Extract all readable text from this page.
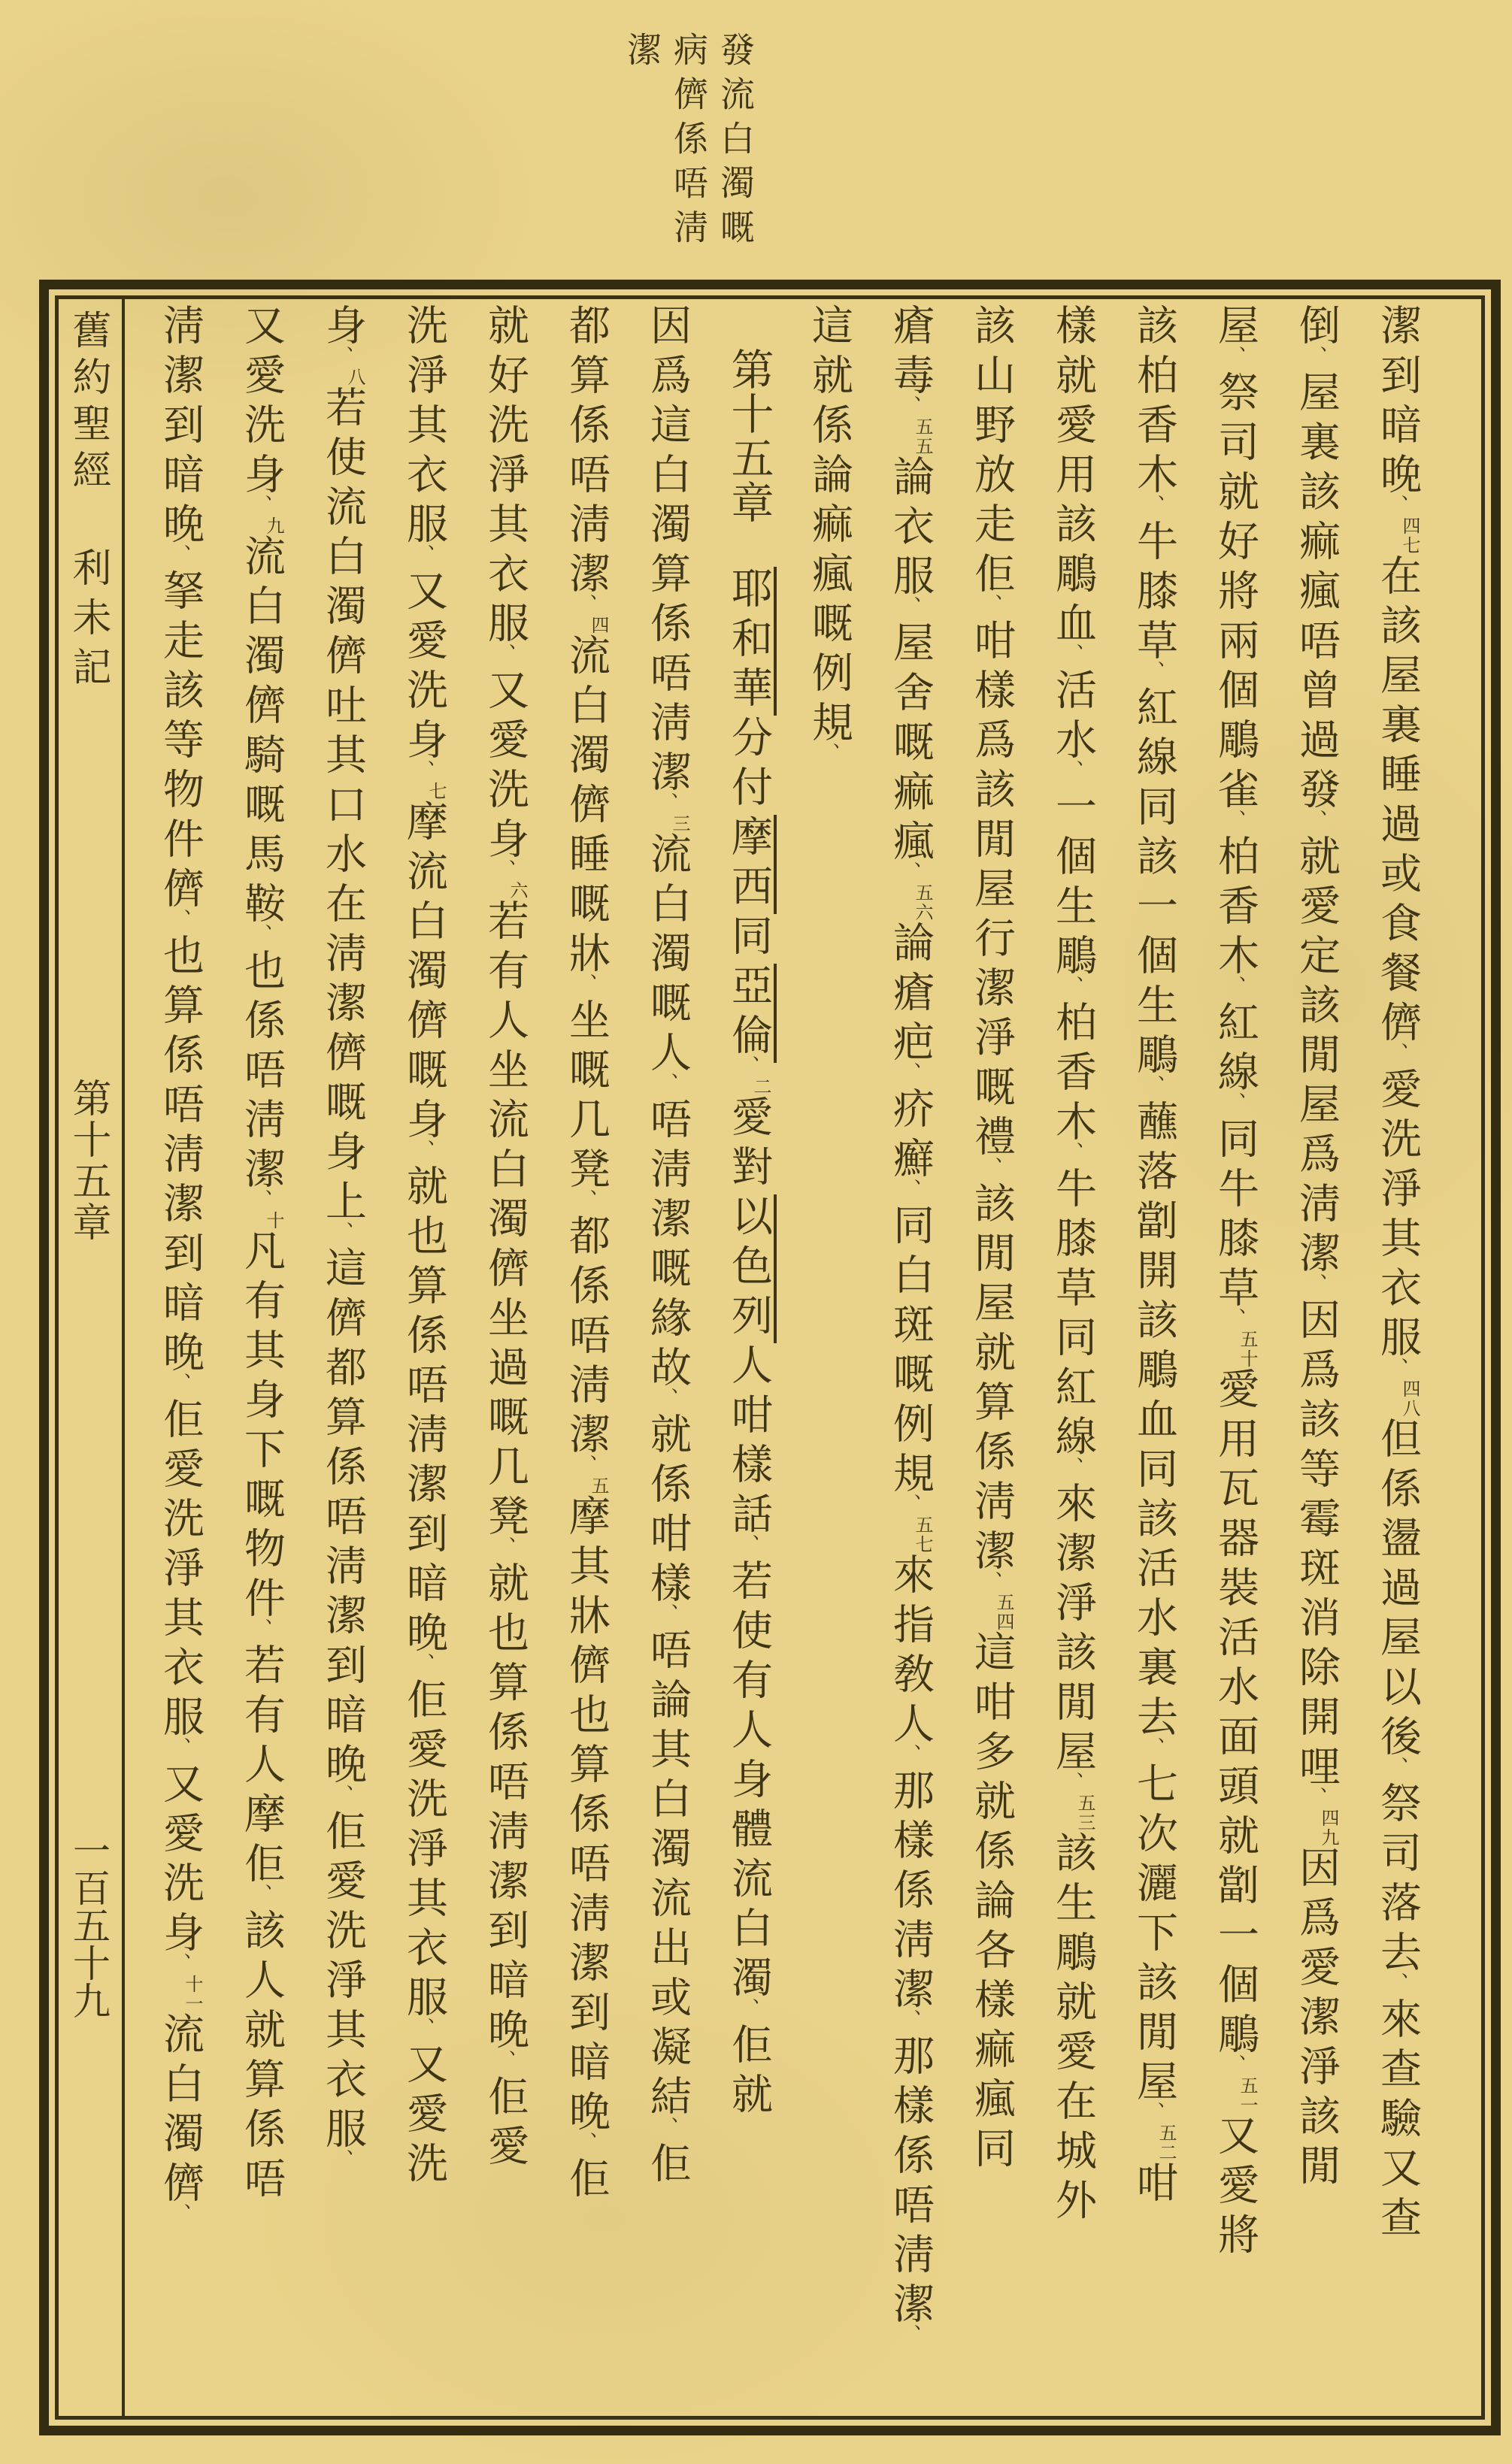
發流白濁嘅
病儕係唔淸
潔
舊約聖經
利未記
第十五章
一百五十九
潔到暗晚、四七在該屋裏睡過或食餐儕、愛洗淨其衣服、四八但係盪過屋以後、祭司落去、來查驗又查
倒、屋裏該痲瘋唔曾過發、就愛定該閒屋爲淸潔、因爲該等霉斑消除開哩、四九因爲愛潔淨該閒
屋、祭司就好將兩個鵰雀、柏香木、紅線、同牛膝草、五十愛用瓦器裝活水面頭就劏一個鵰、五一又愛將
該柏香木、牛膝草、紅線同該一個生鵰、蘸落劏開該鵰血同該活水裏去、七次灑下該閒屋、五二咁
樣就愛用該鵰血、活水、一個生鵰、柏香木、牛膝草同紅線、來潔淨該閒屋、五三該生鵰就愛在城外
該山野放走佢、咁樣爲該閒屋行潔淨嘅禮、該閒屋就算係淸潔、五四這咁多就係論各樣痲瘋同
瘡毒、五五論衣服、屋舍嘅痲瘋、五六論瘡疤、疥癬、同白斑嘅例規、五七來指敎人、那樣係淸潔、那樣係唔淸潔、
這就係論痲瘋嘅例規、
第十五章耶和華分付摩西同亞倫、二愛對以色列人咁樣話、若使有人身體流白濁、佢就
因爲這白濁算係唔淸潔、三流白濁嘅人、唔淸潔嘅緣故、就係咁樣、唔論其白濁流出或凝結、佢
都算係唔淸潔、四流白濁儕睡嘅牀、坐嘅几凳、都係唔淸潔、五摩其牀儕也算係唔淸潔到暗晚、佢
就好洗淨其衣服、又愛洗身、六若有人坐流白濁儕坐過嘅几凳、就也算係唔淸潔到暗晚、佢愛
洗淨其衣服、又愛洗身、七摩流白濁儕嘅身、就也算係唔淸潔到暗晚、佢愛洗淨其衣服、又愛洗
身、八若使流白濁儕吐其口水在淸潔儕嘅身上、這儕都算係唔淸潔到暗晚、佢愛洗淨其衣服、
又愛洗身、九流白濁儕騎嘅馬鞍、也係唔淸潔、十凡有其身下嘅物件、若有人摩佢、該人就算係唔
淸潔到暗晚、拏走該等物件儕、也算係唔淸潔到暗晚、佢愛洗淨其衣服、又愛洗身、十一流白濁儕、
